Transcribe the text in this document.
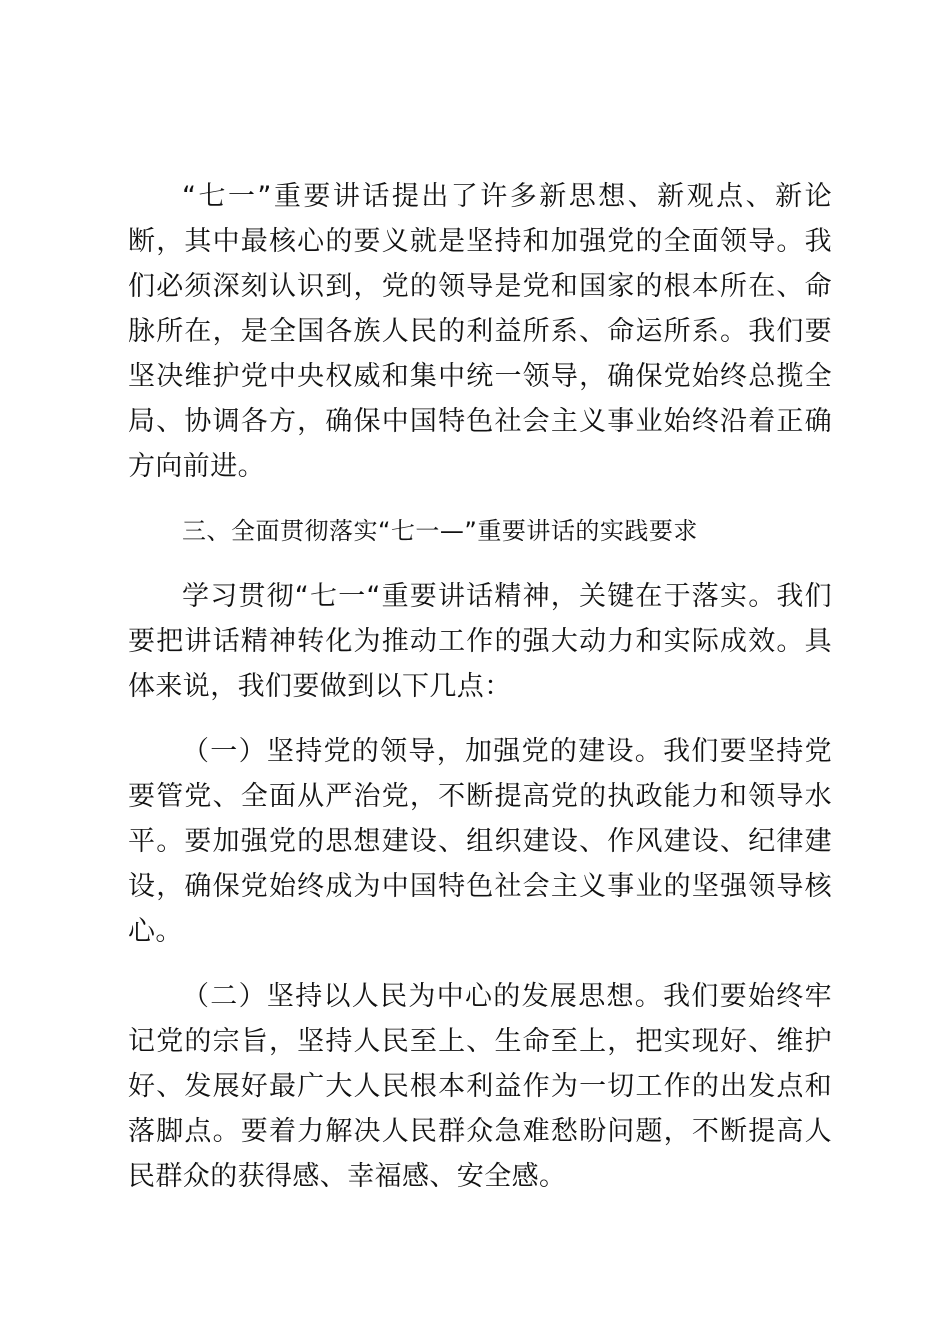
“七一”重要讲话提出了许多新思想、新观点、新论断，其中最核心的要义就是坚持和加强党的全面领导。我们必须深刻认识到，党的领导是党和国家的根本所在、命脉所在，是全国各族人民的利益所系、命运所系。我们要坚决维护党中央权威和集中统一领导，确保党始终总揽全局、协调各方，确保中国特色社会主义事业始终沿着正确方向前进。

三、全面贯彻落实“七一—”重要讲话的实践要求

学习贯彻“七一“重要讲话精神，关键在于落实。我们要把讲话精神转化为推动工作的强大动力和实际成效。具体来说，我们要做到以下几点：

（一）坚持党的领导，加强党的建设。我们要坚持党要管党、全面从严治党，不断提高党的执政能力和领导水平。要加强党的思想建设、组织建设、作风建设、纪律建设，确保党始终成为中国特色社会主义事业的坚强领导核心。

（二）坚持以人民为中心的发展思想。我们要始终牢记党的宗旨，坚持人民至上、生命至上，把实现好、维护好、发展好最广大人民根本利益作为一切工作的出发点和落脚点。要着力解决人民群众急难愁盼问题，不断提高人民群众的获得感、幸福感、安全感。
